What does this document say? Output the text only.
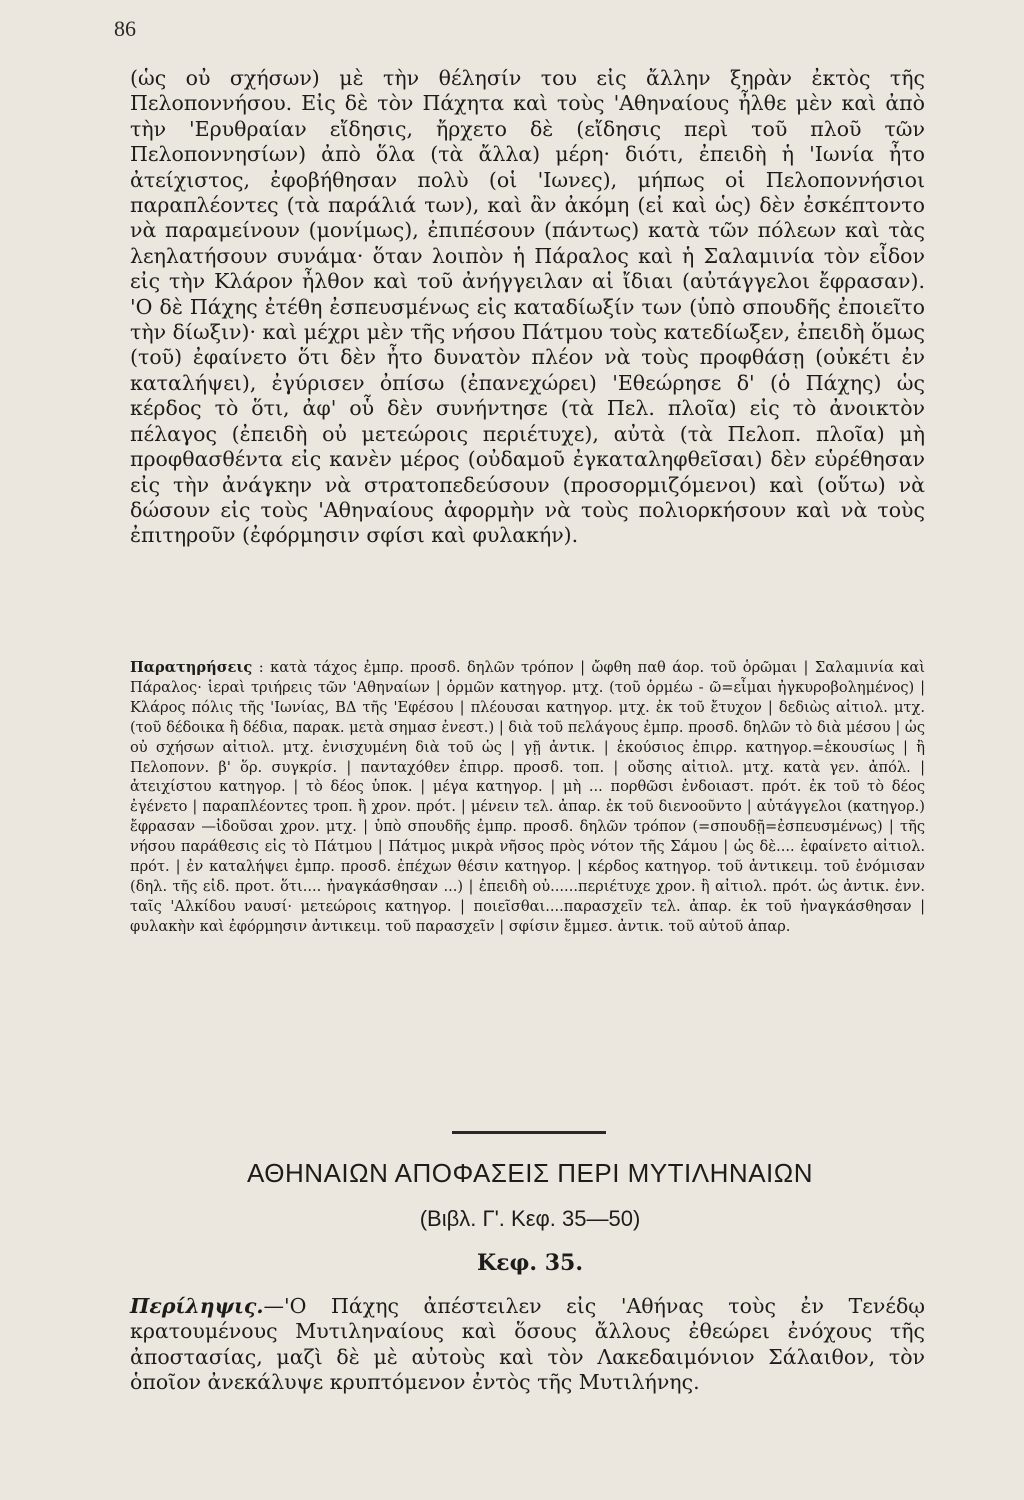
86

(ὡς οὐ σχήσων) μὲ τὴν θέλησίν του εἰς ἄλλην ξηρὰν ἐκτὸς τῆς Πελοποννήσου. Εἰς δὲ τὸν Πάχητα καὶ τοὺς 'Αθηναίους ἦλθε μὲν καὶ ἀπὸ τὴν 'Ερυθραίαν εἴδησις, ἤρχετο δὲ (εἴδησις περὶ τοῦ πλοῦ τῶν Πελοποννησίων) ἀπὸ ὅλα (τὰ ἄλλα) μέρη· διότι, ἐπειδὴ ἡ 'Ιωνία ἦτο ἀτείχιστος, ἐφοβήθησαν πολὺ (οἱ 'Ιωνες), μήπως οἱ Πελοποννήσιοι παραπλέοντες (τὰ παράλιά των), καὶ ἂν ἀκόμη (εἰ καὶ ὡς) δὲν ἐσκέπτοντο νὰ παραμείνουν (μονίμως), ἐπιπέσουν (πάντως) κατὰ τῶν πόλεων καὶ τὰς λεηλατήσουν συνάμα· ὅταν λοιπὸν ἡ Πάραλος καὶ ἡ Σαλαμινία τὸν εἶδον εἰς τὴν Κλάρον ἦλθον καὶ τοῦ ἀνήγγειλαν αἱ ἴδιαι (αὐτάγγελοι ἔφρασαν). 'Ο δὲ Πάχης ἐτέθη ἐσπευσμένως εἰς καταδίωξίν των (ὑπὸ σπουδῆς ἐποιεῖτο τὴν δίωξιν)· καὶ μέχρι μὲν τῆς νήσου Πάτμου τοὺς κατεδίωξεν, ἐπειδὴ ὅμως (τοῦ) ἐφαίνετο ὅτι δὲν ἦτο δυνατὸν πλέον νὰ τοὺς προφθάσῃ (οὐκέτι ἐν καταλήψει), ἐγύρισεν ὀπίσω (ἐπανεχώρει) 'Εθεώρησε δ' (ὁ Πάχης) ὡς κέρδος τὸ ὅτι, ἀφ' οὗ δὲν συνήντησε (τὰ Πελ. πλοῖα) εἰς τὸ ἀνοικτὸν πέλαγος (ἐπειδὴ οὐ μετεώροις περιέτυχε), αὐτὰ (τὰ Πελοπ. πλοῖα) μὴ προφθασθέντα εἰς κανὲν μέρος (οὐδαμοῦ ἐγκαταληφθεῖσαι) δὲν εὑρέθησαν εἰς τὴν ἀνάγκην νὰ στρατοπεδεύσουν (προσορμιζόμενοι) καὶ (οὕτω) νὰ δώσουν εἰς τοὺς 'Αθηναίους ἀφορμὴν νὰ τοὺς πολιορκήσουν καὶ νὰ τοὺς ἐπιτηροῦν (ἐφόρμησιν σφίσι καὶ φυλακήν).

Παρατηρήσεις : κατὰ τάχος ἐμπρ. προσδ. δηλῶν τρόπον | ὤφθη παθ άορ. τοῦ ὁρῶμαι | Σαλαμινία καὶ Πάραλος· ἱεραὶ τριήρεις τῶν 'Αθηναίων | ὁρμῶν κατηγορ. μτχ. (τοῦ ὁρμέω - ῶ=εἶμαι ἠγκυροβολημένος) | Κλάρος πόλις τῆς 'Ιωνίας, ΒΔ τῆς 'Εφέσου | πλέουσαι κατηγορ. μτχ. ἐκ τοῦ ἔτυχον | δεδιὼς αἰτιολ. μτχ. (τοῦ δέδοικα ἢ δέδια, παρακ. μετὰ σημασ ἐνεστ.) | διὰ τοῦ πελάγους ἐμπρ. προσδ. δηλῶν τὸ διὰ μέσου | ὡς οὐ σχήσων αἰτιολ. μτχ. ἐνισχυμένη διὰ τοῦ ὡς | γῇ ἀντικ. | ἑκούσιος ἐπιρρ. κατηγορ.=ἑκουσίως | ἢ Πελοπονν. β' ὅρ. συγκρίσ. | πανταχόθεν ἐπιρρ. προσδ. τοπ. | οὔσης αἰτιολ. μτχ. κατὰ γεν. ἀπόλ. | ἀτειχίστου κατηγορ. | τὸ δέος ὑποκ. | μέγα κατηγορ. | μὴ ... πορθῶσι ἐνδοιαστ. πρότ. ἐκ τοῦ τὸ δέος ἐγένετο | παραπλέοντες τροπ. ἢ χρον. πρότ. | μένειν τελ. ἀπαρ. ἐκ τοῦ διενοοῦντο | αὐτάγγελοι (κατηγορ.) ἔφρασαν —ἰδοῦσαι χρον. μτχ. | ὑπὸ σπουδῆς ἐμπρ. προσδ. δηλῶν τρόπον (=σπουδῇ=ἐσπευσμένως) | τῆς νήσου παράθεσις εἰς τὸ Πάτμου | Πάτμος μικρὰ νῆσος πρὸς νότον τῆς Σάμου | ὡς δὲ.... ἐφαίνετο αἰτιολ. πρότ. | ἐν καταλήψει ἐμπρ. προσδ. ἐπέχων θέσιν κατηγορ. | κέρδος κατηγορ. τοῦ ἀντικειμ. τοῦ ἐνόμισαν (δηλ. τῆς εἰδ. προτ. ὅτι.... ἠναγκάσθησαν ...) | ἐπειδὴ οὐ......περιέτυχε χρον. ἢ αἰτιολ. πρότ. ὡς ἀντικ. ἐνν. ταῖς 'Αλκίδου ναυσί· μετεώροις κατηγορ. | ποιεῖσθαι....παρασχεῖν τελ. ἀπαρ. ἐκ τοῦ ἠναγκάσθησαν | φυλακὴν καὶ ἐφόρμησιν ἀντικειμ. τοῦ παρασχεῖν | σφίσιν ἔμμεσ. ἀντικ. τοῦ αὐτοῦ ἀπαρ.

ΑΘΗΝΑΙΩΝ ΑΠΟΦΑΣΕΙΣ ΠΕΡΙ ΜΥΤΙΛΗΝΑΙΩΝ
(Βιβλ. Γ'. Κεφ. 35—50)
Κεφ. 35.
Περίληψις.—'Ο Πάχης ἀπέστειλεν εἰς 'Αθήνας τοὺς ἐν Τενέδῳ κρατουμένους Μυτιληναίους καὶ ὅσους ἄλλους ἐθεώρει ἐνόχους τῆς ἀποστασίας, μαζὶ δὲ μὲ αὐτοὺς καὶ τὸν Λακεδαιμόνιον Σάλαιθον, τὸν ὁποῖον ἀνεκάλυψε κρυπτόμενον ἐντὸς τῆς Μυτιλήνης.
